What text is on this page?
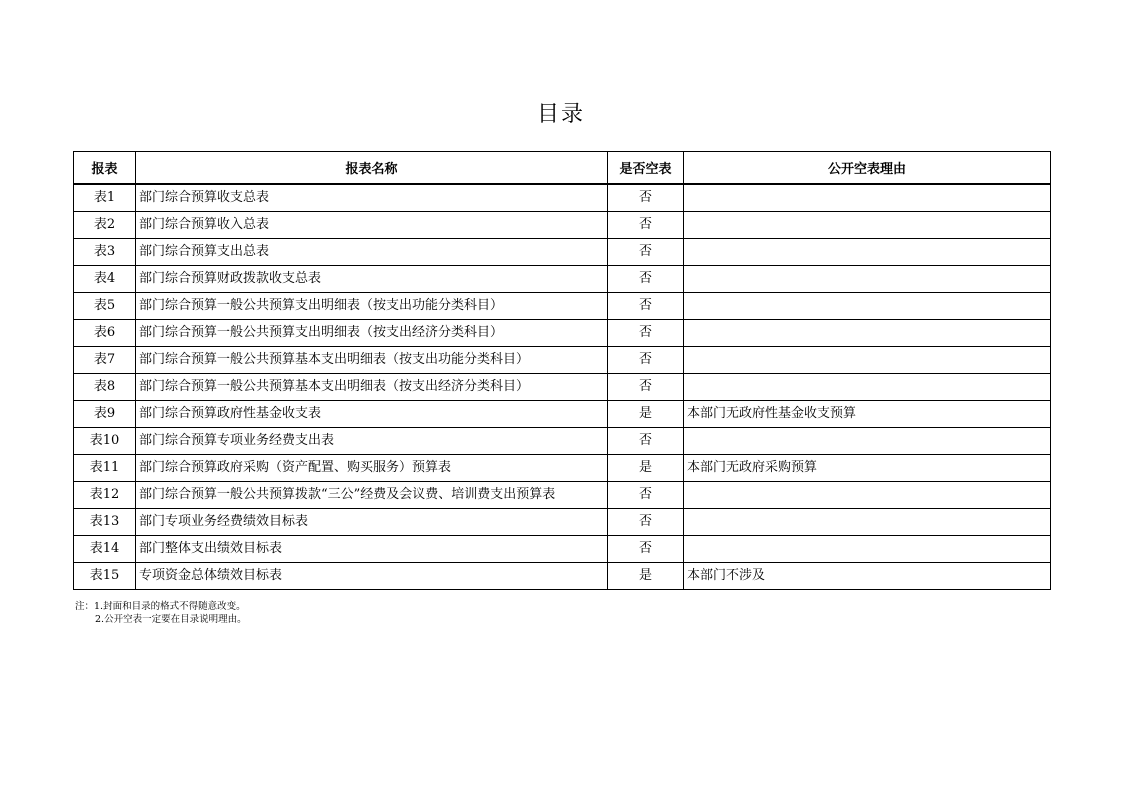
目录
报表	报表名称	是否空表	公开空表理由
表1	部门综合预算收支总表	否	
表2	部门综合预算收入总表	否	
表3	部门综合预算支出总表	否	
表4	部门综合预算财政拨款收支总表	否	
表5	部门综合预算一般公共预算支出明细表（按支出功能分类科目）	否	
表6	部门综合预算一般公共预算支出明细表（按支出经济分类科目）	否	
表7	部门综合预算一般公共预算基本支出明细表（按支出功能分类科目）	否	
表8	部门综合预算一般公共预算基本支出明细表（按支出经济分类科目）	否	
表9	部门综合预算政府性基金收支表	是	本部门无政府性基金收支预算
表10	部门综合预算专项业务经费支出表	否	
表11	部门综合预算政府采购（资产配置、购买服务）预算表	是	本部门无政府采购预算
表12	部门综合预算一般公共预算拨款“三公”经费及会议费、培训费支出预算表	否	
表13	部门专项业务经费绩效目标表	否	
表14	部门整体支出绩效目标表	否	
表15	专项资金总体绩效目标表	是	本部门不涉及
注：1.封面和目录的格式不得随意改变。
2.公开空表一定要在目录说明理由。
